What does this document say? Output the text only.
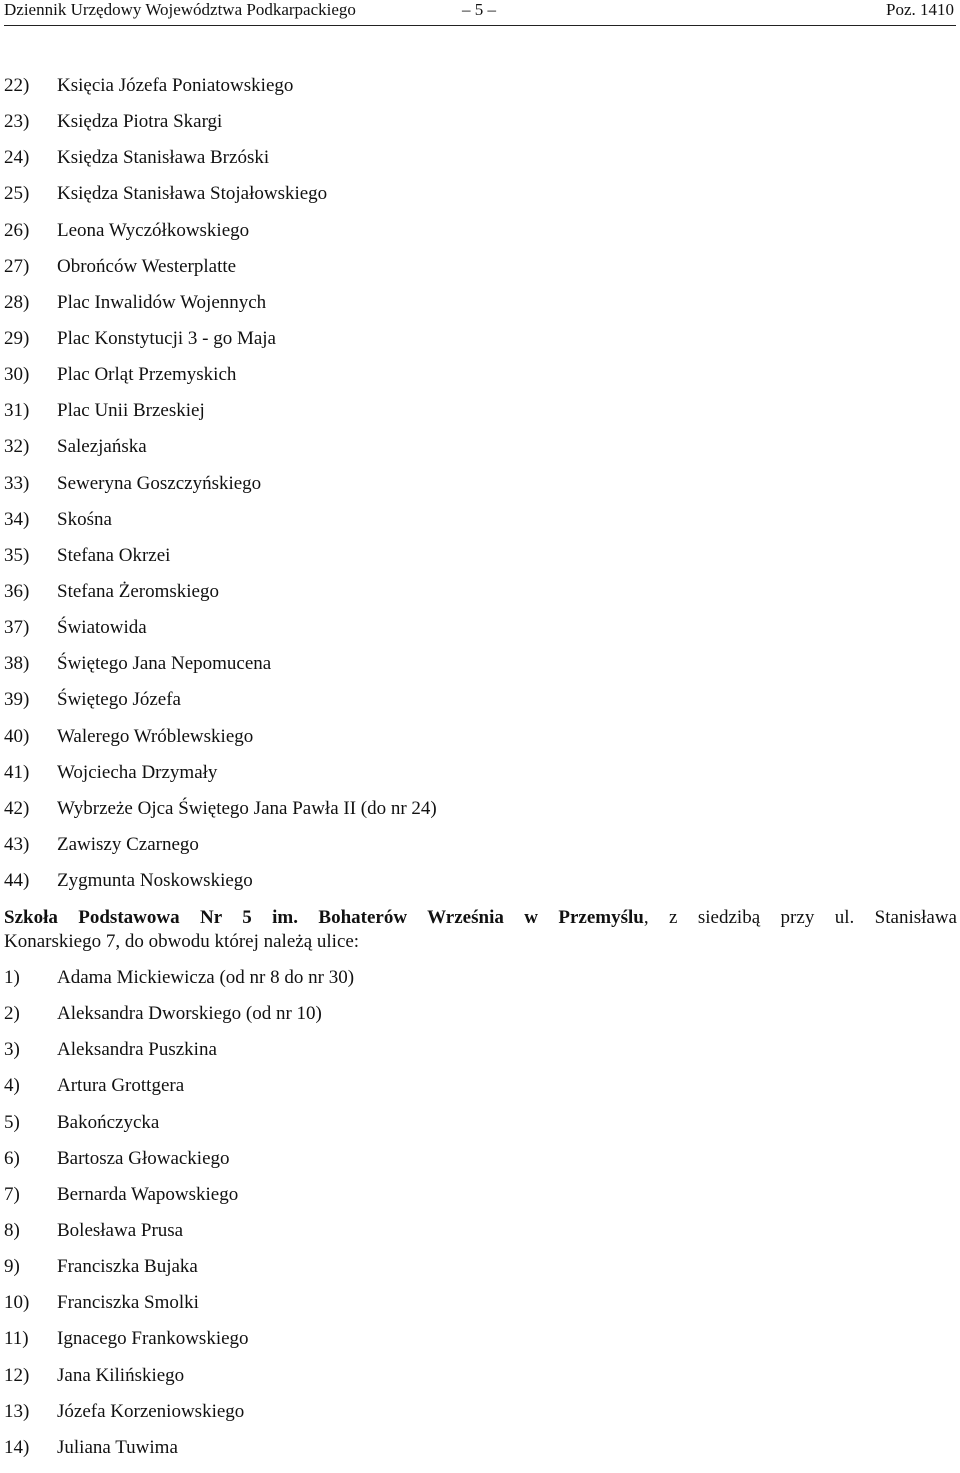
Dziennik Urzędowy Województwa Podkarpackiego	– 5 –	Poz. 1410
22) Księcia Józefa Poniatowskiego
23) Księdza Piotra Skargi
24) Księdza Stanisława Brzóski
25) Księdza Stanisława Stojałowskiego
26) Leona Wyczółkowskiego
27) Obrońców Westerplatte
28) Plac Inwalidów Wojennych
29) Plac Konstytucji 3 - go Maja
30) Plac Orląt Przemyskich
31) Plac Unii Brzeskiej
32) Salezjańska
33) Seweryna Goszczyńskiego
34) Skośna
35) Stefana Okrzei
36) Stefana Żeromskiego
37) Światowida
38) Świętego Jana Nepomucena
39) Świętego Józefa
40) Walerego Wróblewskiego
41) Wojciecha Drzymały
42) Wybrzeże Ojca Świętego Jana Pawła II (do nr 24)
43) Zawiszy Czarnego
44) Zygmunta Noskowskiego
Szkoła Podstawowa Nr 5 im. Bohaterów Września w Przemyślu, z siedzibą przy ul. Stanisława
Konarskiego 7, do obwodu której należą ulice:
1) Adama Mickiewicza (od nr 8 do nr 30)
2) Aleksandra Dworskiego (od nr 10)
3) Aleksandra Puszkina
4) Artura Grottgera
5) Bakończycka
6) Bartosza Głowackiego
7) Bernarda Wapowskiego
8) Bolesława Prusa
9) Franciszka Bujaka
10) Franciszka Smolki
11) Ignacego Frankowskiego
12) Jana Kilińskiego
13) Józefa Korzeniowskiego
14) Juliana Tuwima
